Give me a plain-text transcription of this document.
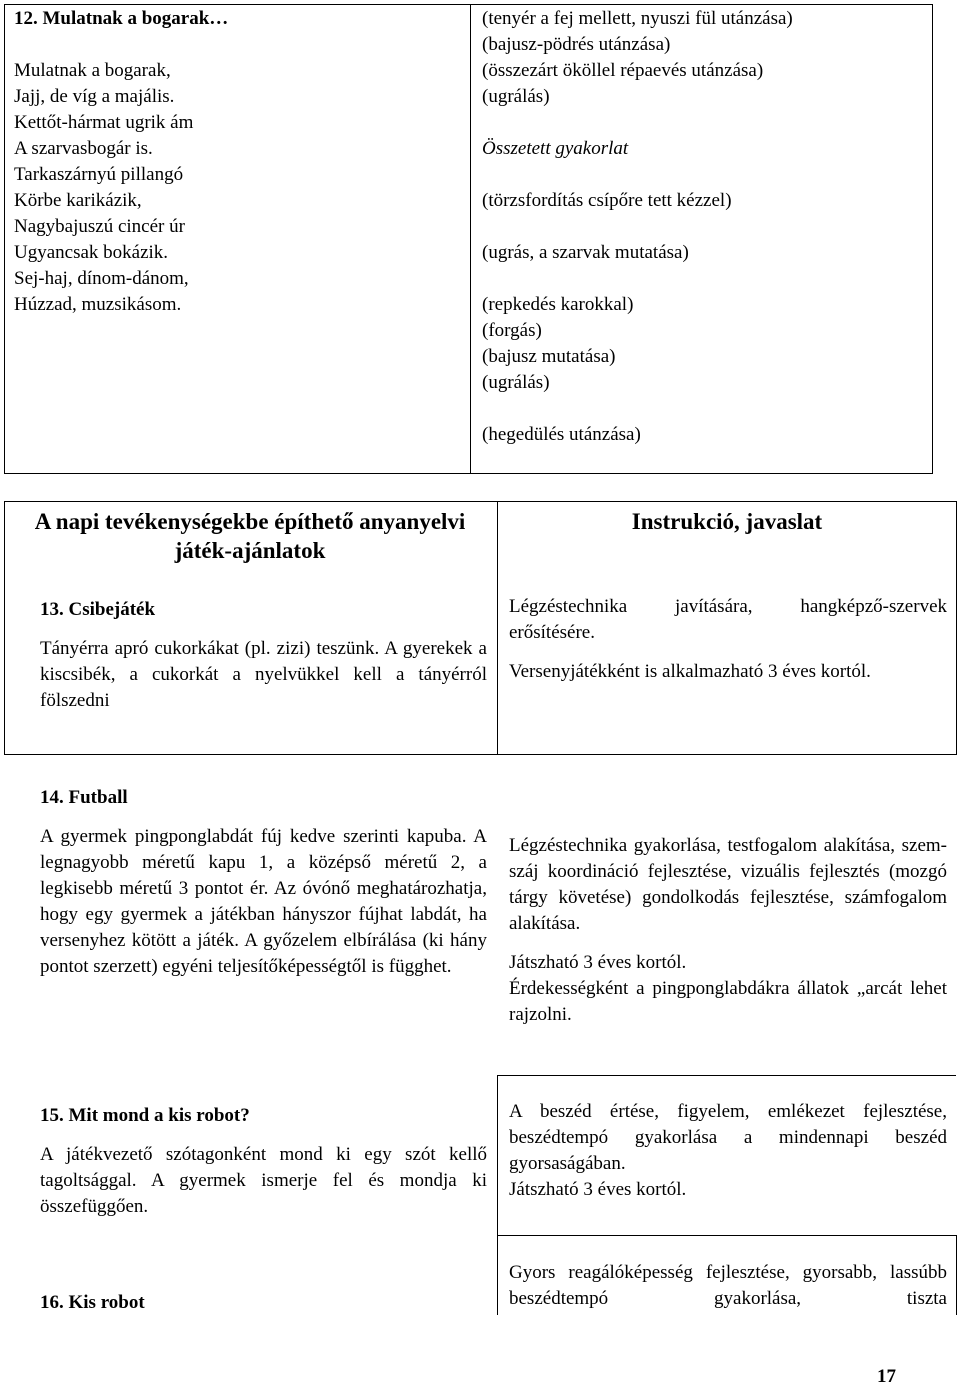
12. Mulatnak a bogarak…

Mulatnak a bogarak,

Jajj, de víg a majális.

Kettőt-hármat ugrik ám

A szarvasbogár is.

Tarkaszárnyú pillangó

Körbe karikázik,

Nagybajuszú cincér úr

Ugyancsak bokázik.

Sej-haj, dínom-dánom,

Húzzad, muzsikásom.

(tenyér a fej mellett, nyuszi fül utánzása)

(bajusz-pödrés utánzása)

(összezárt ököllel répaevés utánzása)

(ugrálás)

Összetett gyakorlat

(törzsfordítás csípőre tett kézzel)

(ugrás, a szarvak mutatása)

(repkedés karokkal)

(forgás)

(bajusz mutatása)

(ugrálás)

(hegedülés utánzása)

A napi tevékenységekbe építhető anyanyelvi játék-ajánlatok

Instrukció, javaslat

13. Csibejáték

Tányérra apró cukorkákat (pl. zizi) teszünk. A gyerekek a kiscsibék, a cukorkát a nyelvükkel kell a tányérról fölszedni

Légzéstechnika javítására, hangképző-szervek erősítésére.

Versenyjátékként is alkalmazható 3 éves kortól.

14. Futball

A gyermek pingponglabdát fúj kedve szerinti kapuba. A legnagyobb méretű kapu 1, a középső méretű 2, a legkisebb méretű 3 pontot ér. Az óvónő meghatározhatja, hogy egy gyermek a játékban hányszor fújhat labdát, ha versenyhez kötött a játék. A győzelem elbírálása (ki hány pontot szerzett) egyéni teljesítőképességtől is függhet.

Légzéstechnika gyakorlása, testfogalom alakítása, szem-száj koordináció fejlesztése, vizuális fejlesztés (mozgó tárgy követése) gondolkodás fejlesztése, számfogalom alakítása.

Játszható 3 éves kortól.

Érdekességként a pingponglabdákra állatok „arcát lehet rajzolni.

15. Mit mond a kis robot?

A játékvezető szótagonként mond ki egy szót kellő tagoltsággal. A gyermek ismerje fel és mondja ki összefüggően.

A beszéd értése, figyelem, emlékezet fejlesztése, beszédtempó gyakorlása a mindennapi beszéd gyorsaságában.

Játszható 3 éves kortól.

16. Kis robot

Gyors reagálóképesség fejlesztése, gyorsabb, lassúbb beszédtempó gyakorlása, tiszta

17
